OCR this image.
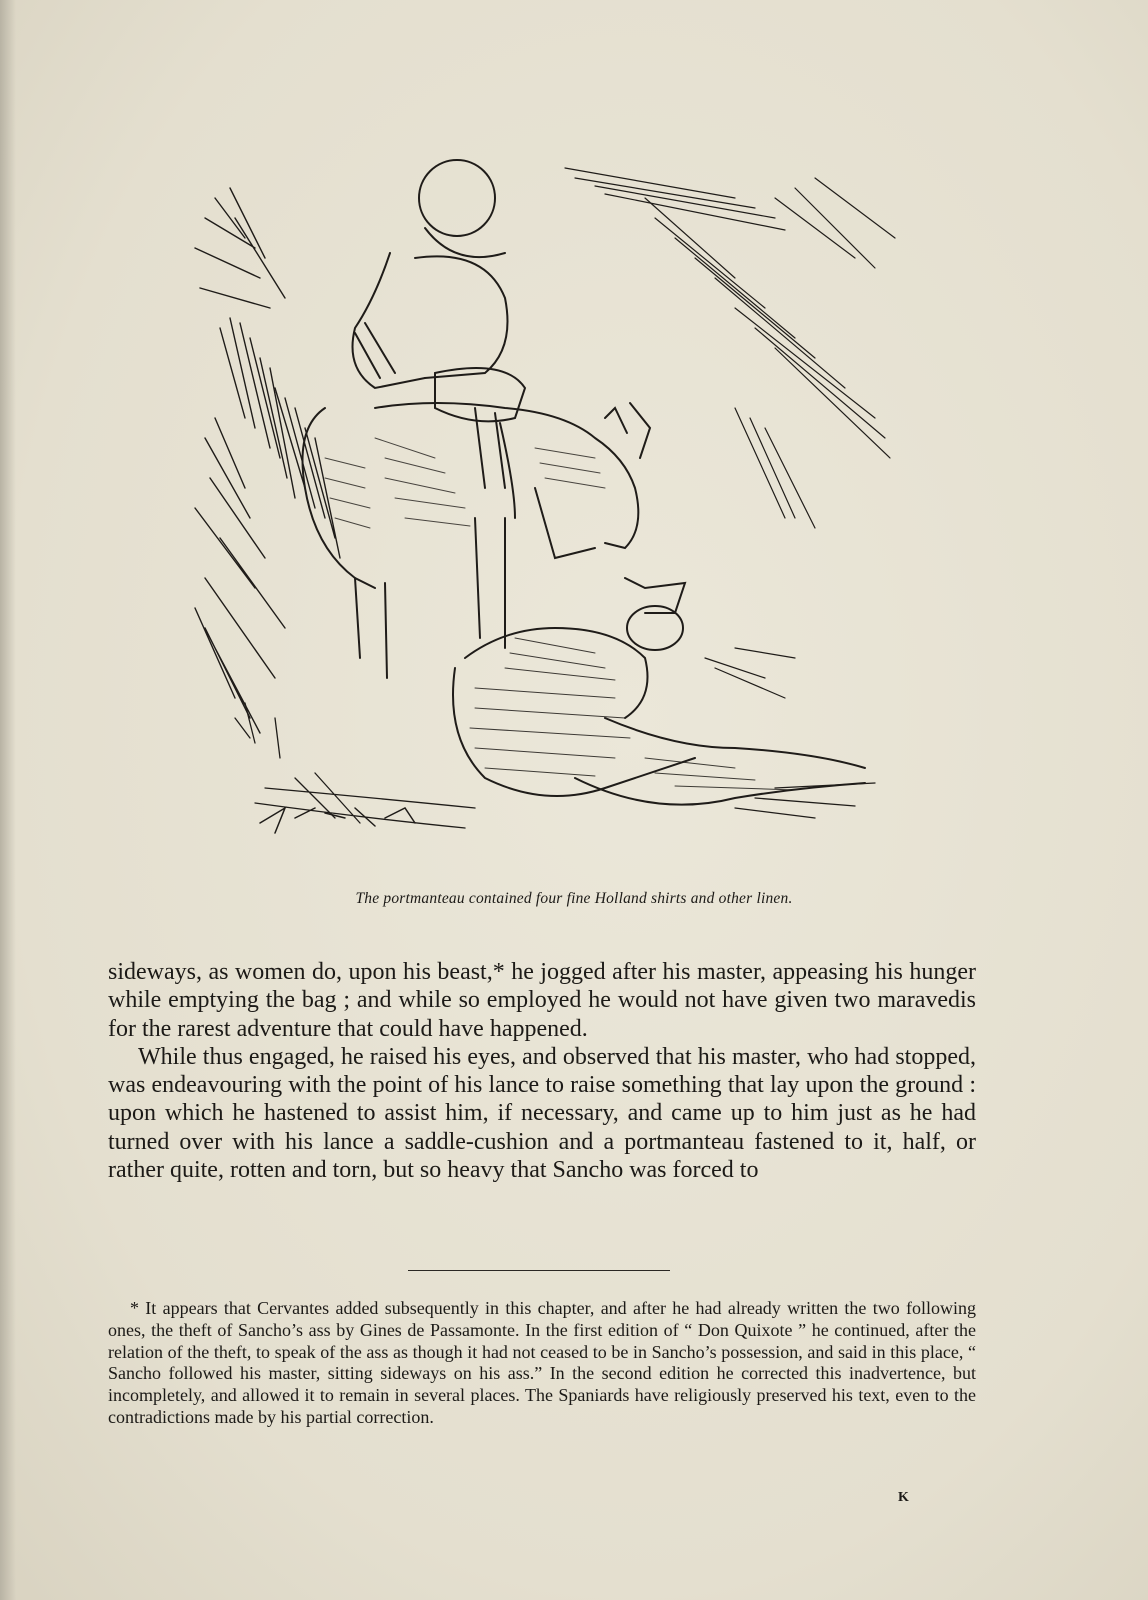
The portmanteau contained four fine Holland shirts and other linen.

sideways, as women do, upon his beast,* he jogged after his master, appeasing his hunger while emptying the bag ; and while so employed he would not have given two maravedis for the rarest adventure that could have happened.

While thus engaged, he raised his eyes, and observed that his master, who had stopped, was endeavouring with the point of his lance to raise something that lay upon the ground : upon which he hastened to assist him, if necessary, and came up to him just as he had turned over with his lance a saddle-cushion and a portmanteau fastened to it, half, or rather quite, rotten and torn, but so heavy that Sancho was forced to

* It appears that Cervantes added subsequently in this chapter, and after he had already written the two following ones, the theft of Sancho’s ass by Gines de Passamonte. In the first edition of “ Don Quixote ” he continued, after the relation of the theft, to speak of the ass as though it had not ceased to be in Sancho’s possession, and said in this place, “ Sancho followed his master, sitting sideways on his ass.” In the second edition he corrected this inadvertence, but incompletely, and allowed it to remain in several places. The Spaniards have religiously preserved his text, even to the contradictions made by his partial correction.

K
